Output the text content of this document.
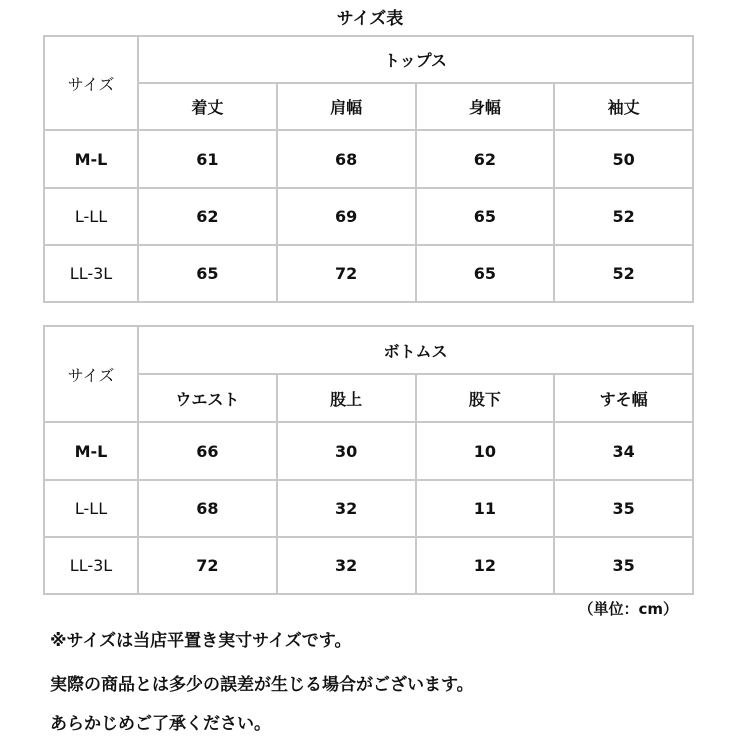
サイズ表
サイズ	トップス			
	着丈	肩幅	身幅	袖丈
M-L	61	68	62	50
L-LL	62	69	65	52
LL-3L	65	72	65	52
サイズ	ボトムス			
	ウエスト	股上	股下	すそ幅
M-L	66	30	10	34
L-LL	68	32	11	35
LL-3L	72	32	12	35
（単位：cm）
※サイズは当店平置き実寸サイズです。
実際の商品とは多少の誤差が生じる場合がございます。
あらかじめご了承ください。
